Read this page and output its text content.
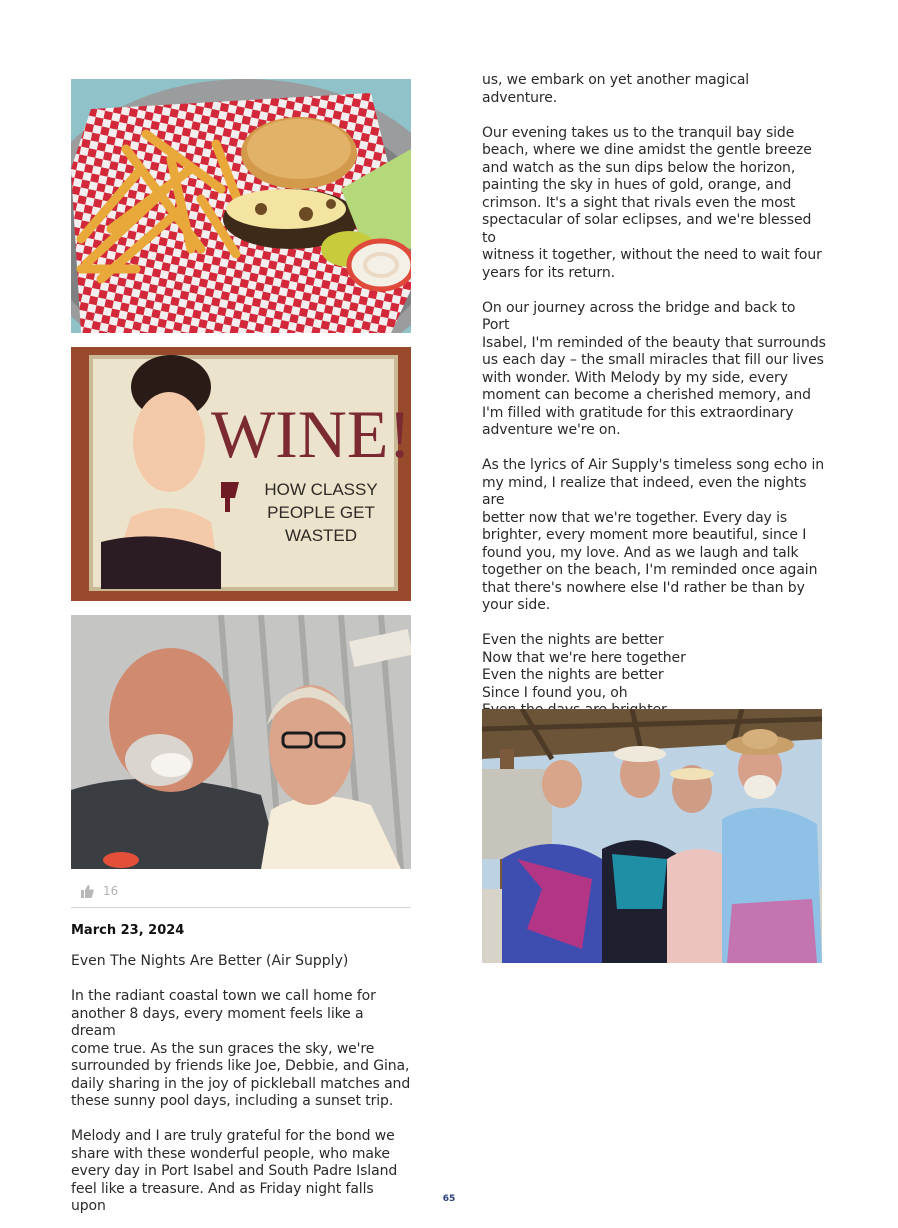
WINE!
HOW CLASSY
PEOPLE GET
WASTED
16
March 23, 2024
Even The Nights Are Better (Air Supply)

In the radiant coastal town we call home for

another 8 days, every moment feels like a dream

come true. As the sun graces the sky, we're

surrounded by friends like Joe, Debbie, and Gina,

daily sharing in the joy of pickleball matches and

these sunny pool days, including a sunset trip.

Melody and I are truly grateful for the bond we

share with these wonderful people, who make

every day in Port Isabel and South Padre Island

feel like a treasure. And as Friday night falls upon

us, we embark on yet another magical adventure.

Our evening takes us to the tranquil bay side

beach, where we dine amidst the gentle breeze

and watch as the sun dips below the horizon,

painting the sky in hues of gold, orange, and

crimson. It's a sight that rivals even the most

spectacular of solar eclipses, and we're blessed to

witness it together, without the need to wait four

years for its return.

On our journey across the bridge and back to Port

Isabel, I'm reminded of the beauty that surrounds

us each day – the small miracles that fill our lives

with wonder. With Melody by my side, every

moment can become a cherished memory, and

I'm filled with gratitude for this extraordinary

adventure we're on.

As the lyrics of Air Supply's timeless song echo in

my mind, I realize that indeed, even the nights are

better now that we're together. Every day is

brighter, every moment more beautiful, since I

found you, my love. And as we laugh and talk

together on the beach, I'm reminded once again

that there's nowhere else I'd rather be than by

your side.

Even the nights are better

Now that we're here together

Even the nights are better

Since I found you, oh

65
